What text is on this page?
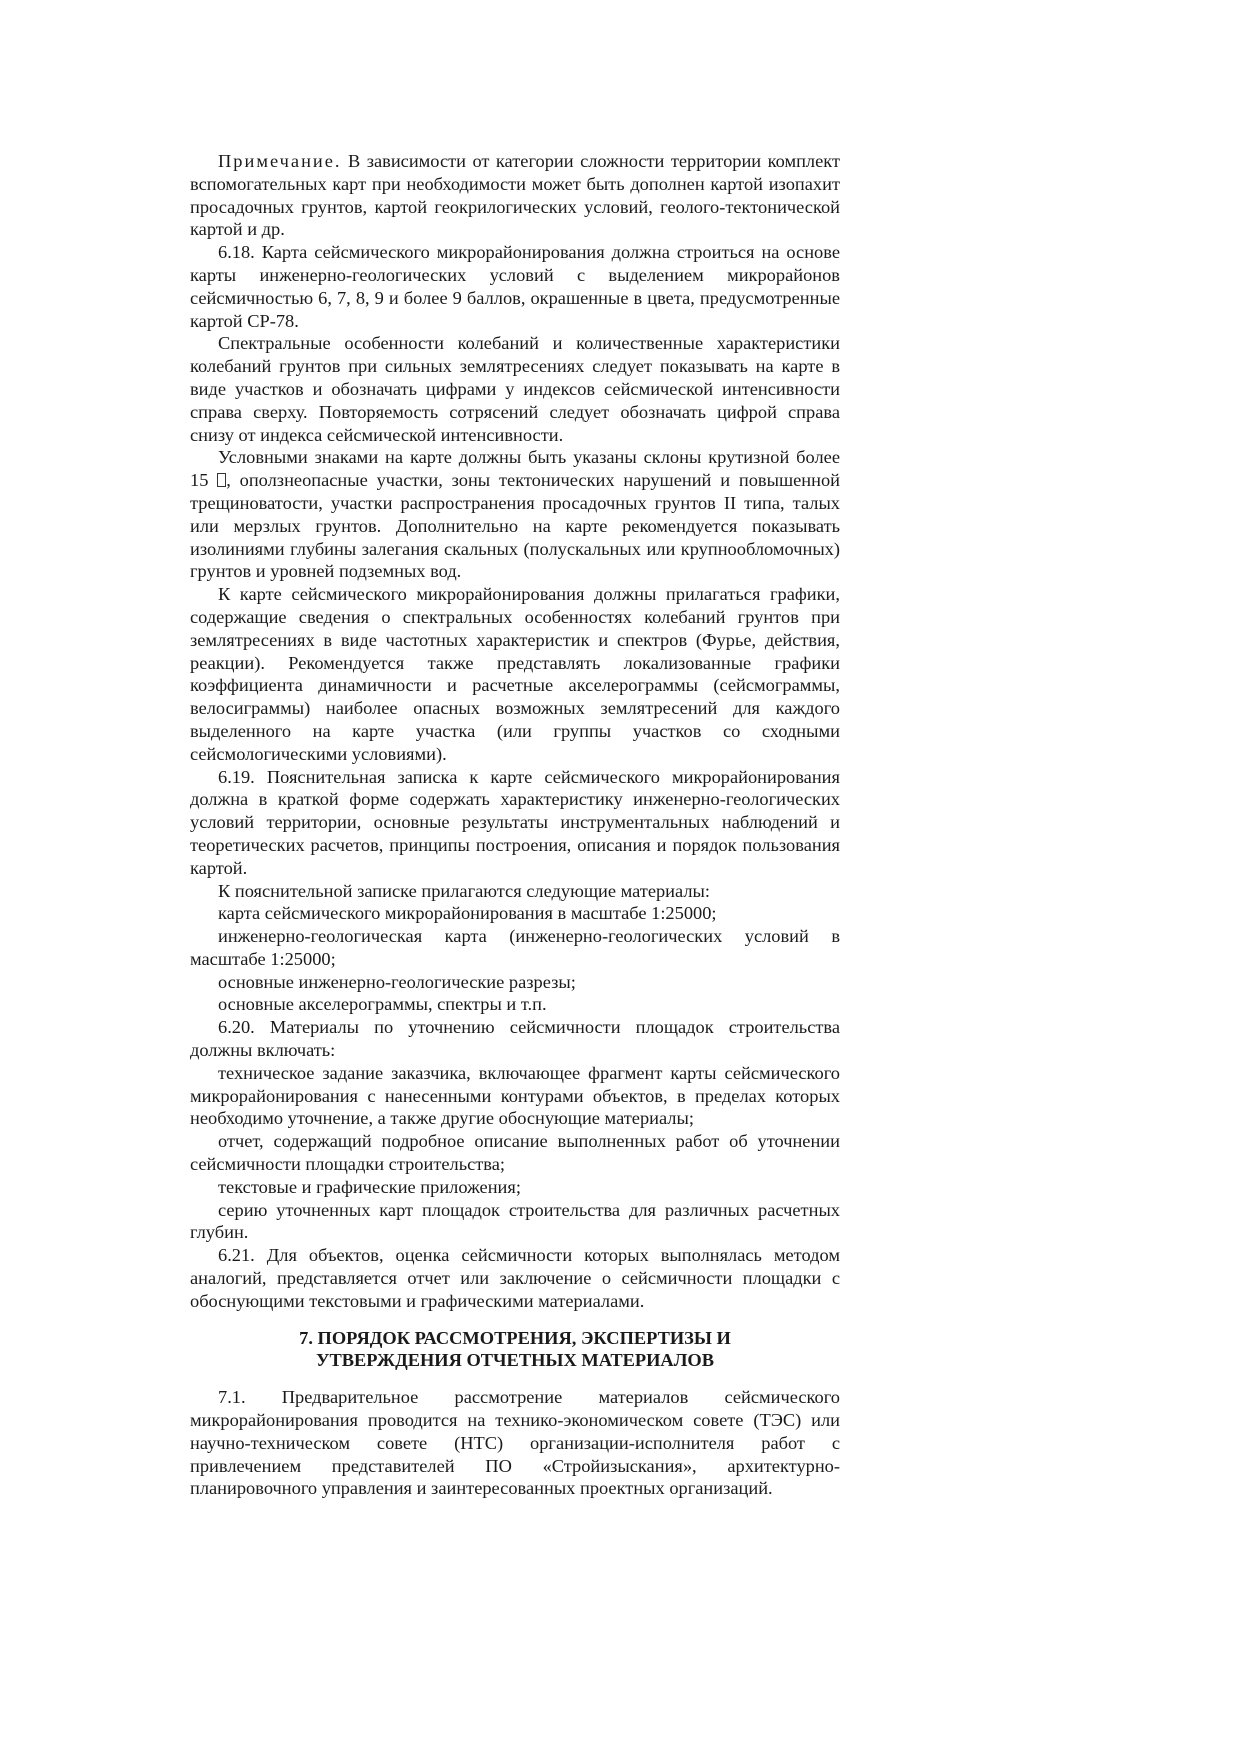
Примечание. В зависимости от категории сложности территории комплект вспомогательных карт при необходимости может быть дополнен картой изопахит просадочных грунтов, картой геокрилогических условий, геолого-тектонической картой и др.

6.18. Карта сейсмического микрорайонирования должна строиться на основе карты инженерно-геологических условий с выделением микрорайонов сейсмичностью 6, 7, 8, 9 и более 9 баллов, окрашенные в цвета, предусмотренные картой СР-78.

Спектральные особенности колебаний и количественные характеристики колебаний грунтов при сильных землятресениях следует показывать на карте в виде участков и обозначать цифрами у индексов сейсмической интенсивности справа сверху. Повторяемость сотрясений следует обозначать цифрой справа снизу от индекса сейсмической интенсивности.

Условными знаками на карте должны быть указаны склоны крутизной более 15 , оползнеопасные участки, зоны тектонических нарушений и повышенной трещиноватости, участки распространения просадочных грунтов II типа, талых или мерзлых грунтов. Дополнительно на карте рекомендуется показывать изолиниями глубины залегания скальных (полускальных или крупнообломочных) грунтов и уровней подземных вод.

К карте сейсмического микрорайонирования должны прилагаться графики, содержащие сведения о спектральных особенностях колебаний грунтов при землятресениях в виде частотных характеристик и спектров (Фурье, действия, реакции). Рекомендуется также представлять локализованные графики коэффициента динамичности и расчетные акселерограммы (сейсмограммы, велосиграммы) наиболее опасных возможных землятресений для каждого выделенного на карте участка (или группы участков со сходными сейсмологическими условиями).

6.19. Пояснительная записка к карте сейсмического микрорайонирования должна в краткой форме содержать характеристику инженерно-геологических условий территории, основные результаты инструментальных наблюдений и теоретических расчетов, принципы построения, описания и порядок пользования картой.

К пояснительной записке прилагаются следующие материалы:

карта сейсмического микрорайонирования в масштабе 1:25000;

инженерно-геологическая карта (инженерно-геологических условий в масштабе 1:25000;

основные инженерно-геологические разрезы;

основные акселерограммы, спектры и т.п.

6.20. Материалы по уточнению сейсмичности площадок строительства должны включать:

техническое задание заказчика, включающее фрагмент карты сейсмического микрорайонирования с нанесенными контурами объектов, в пределах которых необходимо уточнение, а также другие обоснующие материалы;

отчет, содержащий подробное описание выполненных работ об уточнении сейсмичности площадки строительства;

текстовые и графические приложения;

серию уточненных карт площадок строительства для различных расчетных глубин.

6.21. Для объектов, оценка сейсмичности которых выполнялась методом аналогий, представляется отчет или заключение о сейсмичности площадки с обоснующими текстовыми и графическими материалами.

7. ПОРЯДОК РАССМОТРЕНИЯ, ЭКСПЕРТИЗЫ И
УТВЕРЖДЕНИЯ ОТЧЕТНЫХ МАТЕРИАЛОВ

7.1. Предварительное рассмотрение материалов сейсмического микрорайонирования проводится на технико-экономическом совете (ТЭС) или научно-техническом совете (НТС) организации-исполнителя работ с привлечением представителей ПО «Стройизыскания», архитектурно-планировочного управления и заинтересованных проектных организаций.
